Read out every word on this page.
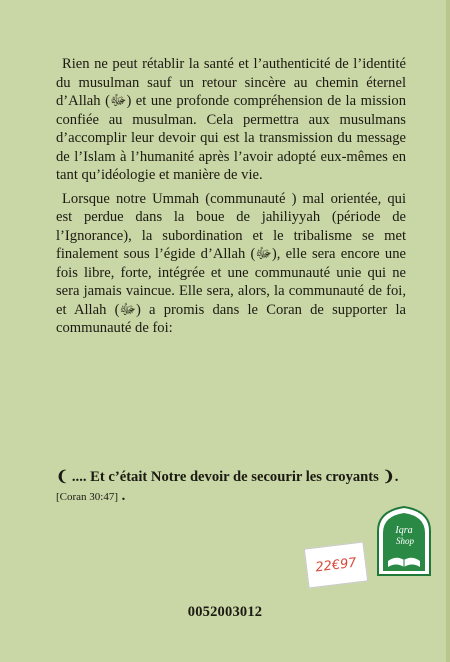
Rien ne peut rétablir la santé et l’authenticité de l’identité du musulman sauf un retour sincère au chemin éternel d’Allah (ﷻ) et une profonde compréhension de la mission confiée au musulman. Cela permettra aux musulmans d’accomplir leur devoir qui est la transmission du message de l’Islam à l’humanité après l’avoir adopté eux-mêmes en tant qu’idéologie et manière de vie.

Lorsque notre Ummah (communauté ) mal orientée, qui est perdue dans la boue de jahiliyyah (période de l’Ignorance), la subordination et le tribalisme se met finalement sous l’égide d’Allah (ﷻ), elle sera encore une fois libre, forte, intégrée et une communauté unie qui ne sera jamais vaincue. Elle sera, alors, la communauté de foi, et Allah (ﷻ) a promis dans le Coran de supporter la communauté de foi:

❨ .... Et c’était Notre devoir de secourir les croyants ❩. [Coran 30:47] .
Iqra
Shop
22€97
0052003012
